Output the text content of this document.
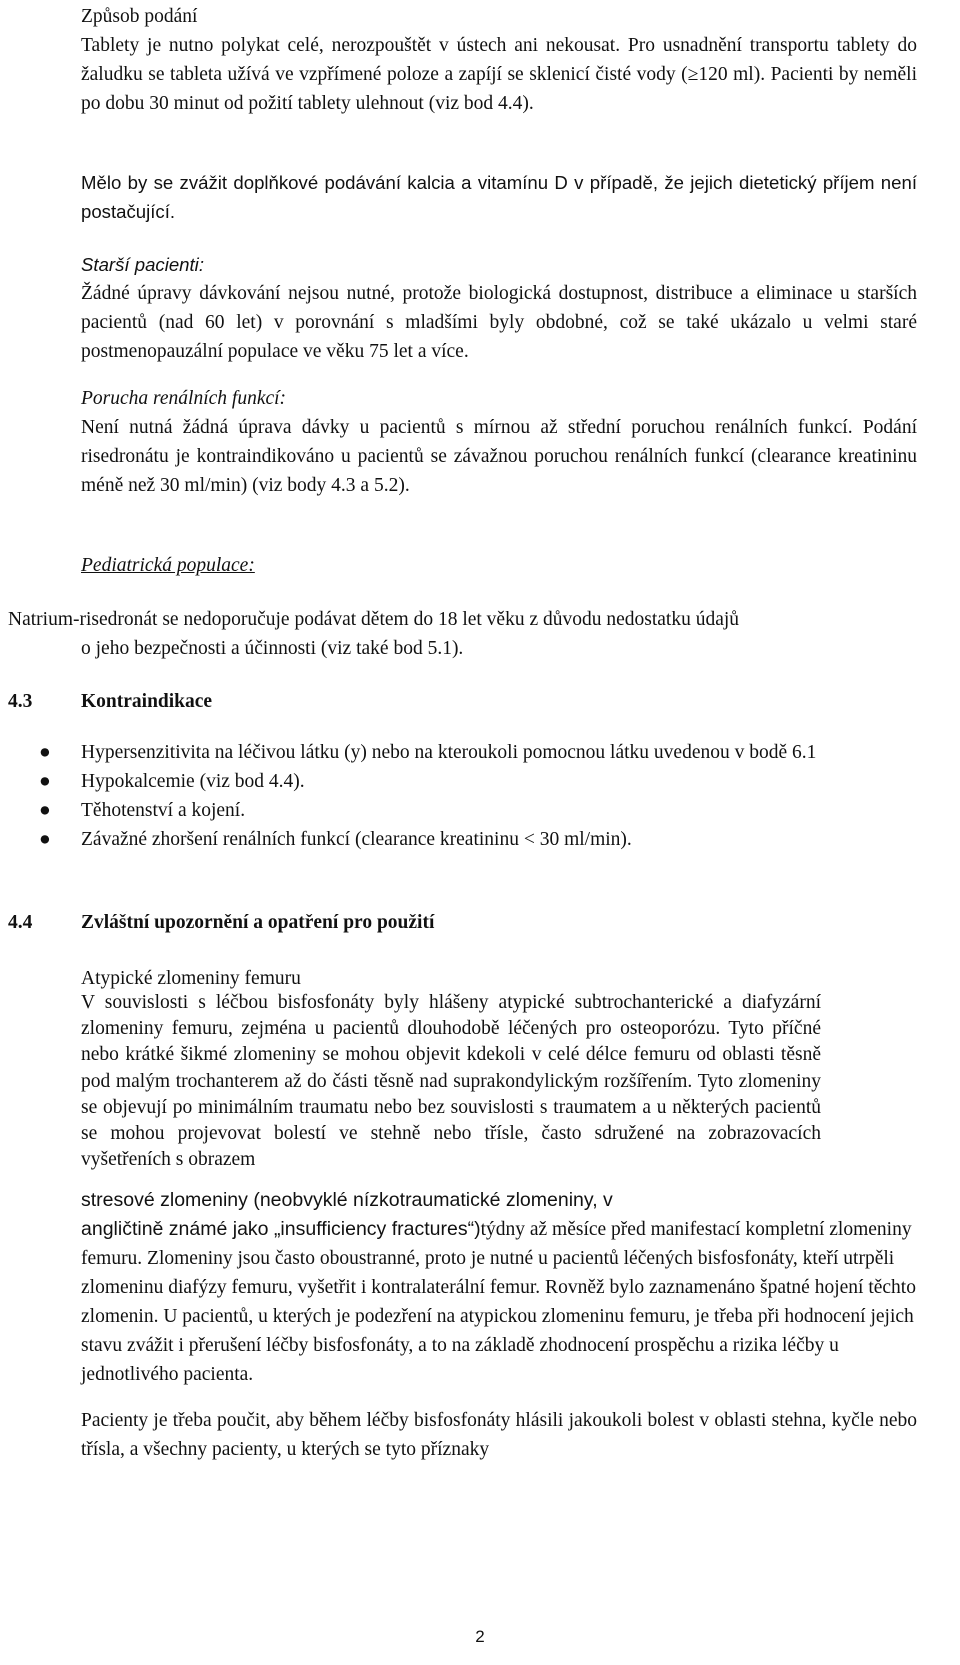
Způsob podání
Tablety je nutno polykat celé, nerozpouštět v ústech ani nekousat. Pro usnadnění transportu tablety do žaludku se tableta užívá ve vzpřímené poloze a zapíjí se sklenicí čisté vody (≥120 ml). Pacienti by neměli po dobu 30 minut od požití tablety ulehnout (viz bod 4.4).
Mělo by se zvážit doplňkové podávání kalcia a vitamínu D v případě, že jejich dietetický příjem není postačující.
Starší pacienti:
Žádné úpravy dávkování nejsou nutné, protože biologická dostupnost, distribuce a eliminace u starších pacientů (nad 60 let) v porovnání s mladšími byly obdobné, což se také ukázalo u velmi staré postmenopauzální populace ve věku 75 let a více.
Porucha renálních funkcí:
Není nutná žádná úprava dávky u pacientů s mírnou až střední poruchou renálních funkcí. Podání risedronátu je kontraindikováno u pacientů se závažnou poruchou renálních funkcí (clearance kreatininu méně než 30 ml/min) (viz body 4.3 a 5.2).
Pediatrická populace:
Natrium-risedronát se nedoporučuje podávat dětem do 18 let věku z důvodu nedostatku údajů
o jeho bezpečnosti a účinnosti (viz také bod 5.1).
4.3 Kontraindikace
● Hypersenzitivita na léčivou látku (y) nebo na kteroukoli pomocnou látku uvedenou v bodě 6.1
● Hypokalcemie (viz bod 4.4).
● Těhotenství a kojení.
● Závažné zhoršení renálních funkcí (clearance kreatininu < 30 ml/min).
4.4 Zvláštní upozornění a opatření pro použití
Atypické zlomeniny femuru
V souvislosti s léčbou bisfosfonáty byly hlášeny atypické subtrochanterické a diafyzární zlomeniny femuru, zejména u pacientů dlouhodobě léčených pro osteoporózu. Tyto příčné nebo krátké šikmé zlomeniny se mohou objevit kdekoli v celé délce femuru od oblasti těsně pod malým trochanterem až do části těsně nad suprakondylickým rozšířením. Tyto zlomeniny se objevují po minimálním traumatu nebo bez souvislosti s traumatem a u některých pacientů se mohou projevovat bolestí ve stehně nebo třísle, často sdružené na zobrazovacích vyšetřeních s obrazem
stresové zlomeniny (neobvyklé nízkotraumatické zlomeniny, v
angličtině známé jako „insufficiency fractures“)týdny až měsíce před manifestací kompletní zlomeniny femuru. Zlomeniny jsou často oboustranné, proto je nutné u pacientů léčených bisfosfonáty, kteří utrpěli zlomeninu diafýzy femuru, vyšetřit i kontralaterální femur. Rovněž bylo zaznamenáno špatné hojení těchto zlomenin. U pacientů, u kterých je podezření na atypickou zlomeninu femuru, je třeba při hodnocení jejich stavu zvážit i přerušení léčby bisfosfonáty, a to na základě zhodnocení prospěchu a rizika léčby u jednotlivého pacienta.
Pacienty je třeba poučit, aby během léčby bisfosfonáty hlásili jakoukoli bolest v oblasti stehna, kyčle nebo třísla, a všechny pacienty, u kterých se tyto příznaky
2
